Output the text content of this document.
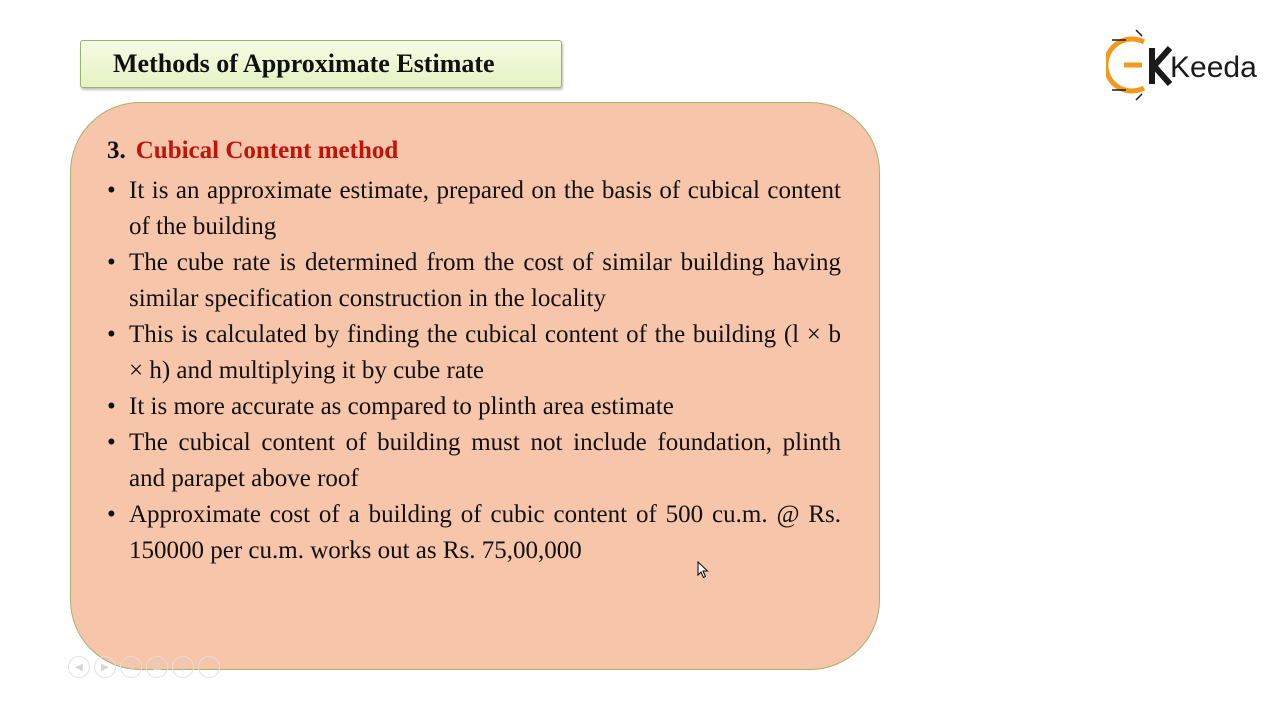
Methods of Approximate Estimate	Keeda
3. Cubical Content method
• It is an approximate estimate, prepared on the basis of cubical content of the building
• The cube rate is determined from the cost of similar building having similar specification construction in the locality
• This is calculated by finding the cubical content of the building (l × b × h) and multiplying it by cube rate
• It is more accurate as compared to plinth area estimate
• The cubical content of building must not include foundation, plinth and parapet above roof
• Approximate cost of a building of cubic content of 500 cu.m. @ Rs. 150000 per cu.m. works out as Rs. 75,00,000
◀	▶	✎	☰	⚲	⋯
